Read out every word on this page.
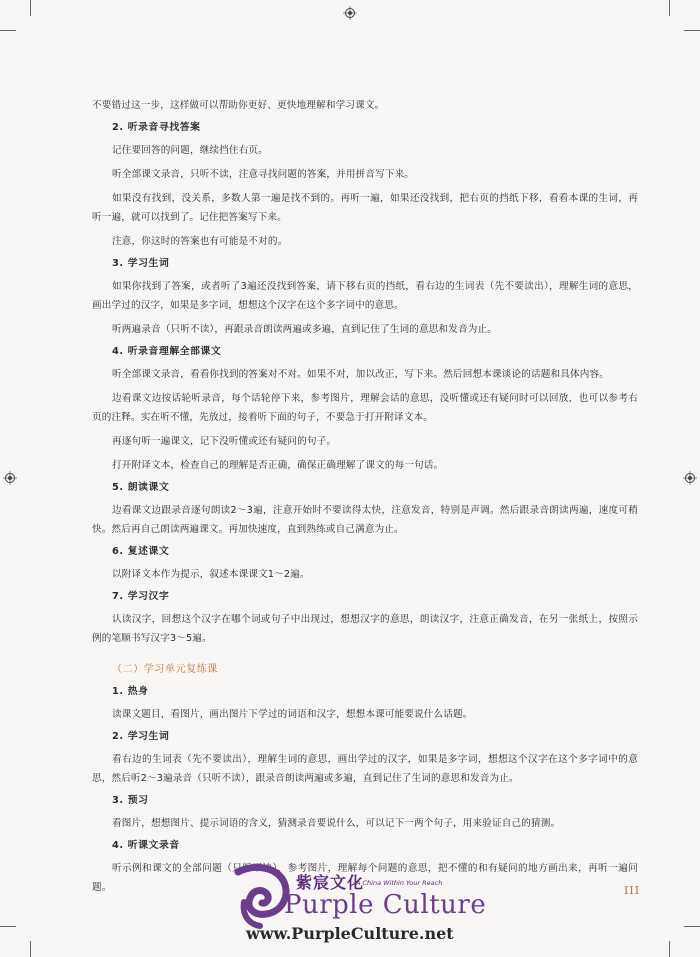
不要错过这一步，这样做可以帮助你更好、更快地理解和学习课文。
2. 听录音寻找答案
记住要回答的问题，继续挡住右页。
听全部课文录音，只听不读，注意寻找问题的答案，并用拼音写下来。
如果没有找到，没关系，多数人第一遍是找不到的。再听一遍，如果还没找到，把右页的挡纸下移，看看本课的生词，再听一遍，就可以找到了。记住把答案写下来。
注意，你这时的答案也有可能是不对的。
3. 学习生词
如果你找到了答案，或者听了3遍还没找到答案，请下移右页的挡纸，看右边的生词表（先不要读出），理解生词的意思，画出学过的汉字，如果是多字词，想想这个汉字在这个多字词中的意思。
听两遍录音（只听不读），再跟录音朗读两遍或多遍，直到记住了生词的意思和发音为止。
4. 听录音理解全部课文
听全部课文录音，看看你找到的答案对不对。如果不对，加以改正，写下来。然后回想本课谈论的话题和具体内容。
边看课文边按话轮听录音，每个话轮停下来，参考图片，理解会话的意思，没听懂或还有疑问时可以回放，也可以参考右页的注释。实在听不懂，先放过，接着听下面的句子，不要急于打开附译文本。
再逐句听一遍课文，记下没听懂或还有疑问的句子。
打开附译文本，检查自己的理解是否正确，确保正确理解了课文的每一句话。
5. 朗读课文
边看课文边跟录音逐句朗读2～3遍，注意开始时不要读得太快，注意发音，特别是声调。然后跟录音朗读两遍，速度可稍快。然后再自己朗读两遍课文。再加快速度，直到熟练或自己满意为止。
6. 复述课文
以附译文本作为提示，叙述本课课文1～2遍。
7. 学习汉字
认读汉字，回想这个汉字在哪个词或句子中出现过，想想汉字的意思，朗读汉字，注意正确发音，在另一张纸上，按照示例的笔顺书写汉字3～5遍。
（二）学习单元复练课
1. 热身
读课文题目，看图片，画出图片下学过的词语和汉字，想想本课可能要说什么话题。
2. 学习生词
看右边的生词表（先不要读出），理解生词的意思，画出学过的汉字，如果是多字词，想想这个汉字在这个多字词中的意思，然后听2～3遍录音（只听不读），跟录音朗读两遍或多遍，直到记住了生词的意思和发音为止。
3. 预习
看图片，想想图片、提示词语的含义，猜测录音要说什么，可以记下一两个句子，用来验证自己的猜测。
4. 听课文录音
听示例和课文的全部问题（只听不读），参考图片，理解每个问题的意思，把不懂的和有疑问的地方画出来，再听一遍问题。	III
紫宸文化
A China Within Your Reach
Purple Culture
www.PurpleCulture.net
